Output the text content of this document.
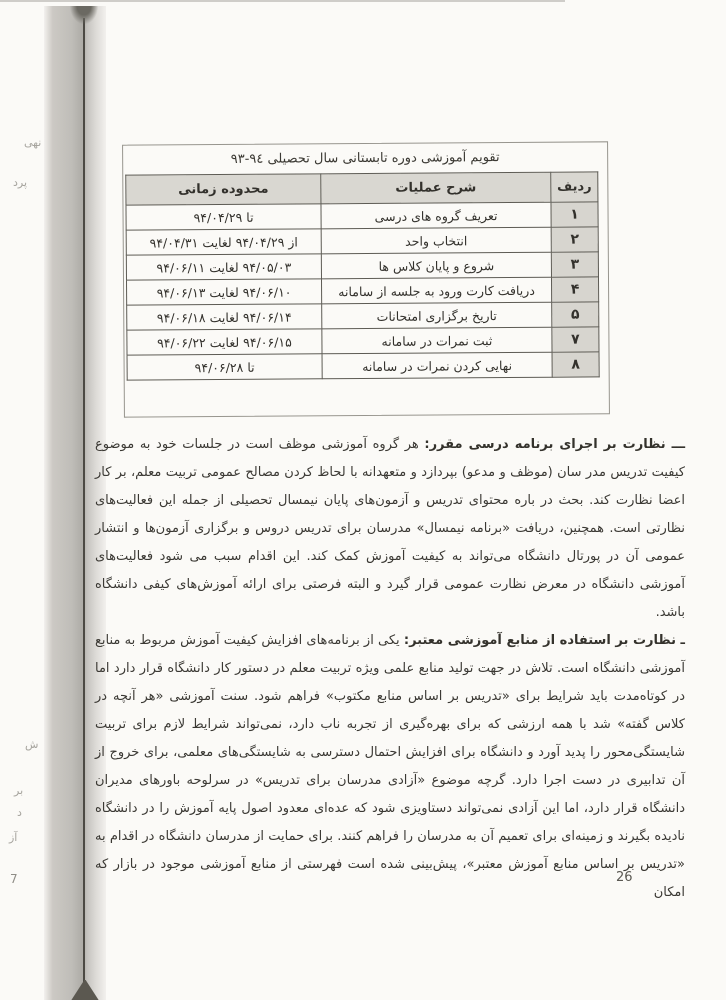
نهی
پرد
ش
بر
د
آز
7
تقویم آموزشی دوره تابستانی سال تحصیلی ٩٤-٩٣
ردیف	شرح عملیات	محدوده زمانی
۱	تعریف گروه های درسی	تا ۹۴/۰۴/۲۹
۲	انتخاب واحد	از ۹۴/۰۴/۲۹ لغایت ۹۴/۰۴/۳۱
۳	شروع و پایان کلاس ها	۹۴/۰۵/۰۳ لغایت ۹۴/۰۶/۱۱
۴	دریافت کارت ورود به جلسه از سامانه	۹۴/۰۶/۱۰ لغایت ۹۴/۰۶/۱۳
۵	تاریخ برگزاری امتحانات	۹۴/۰۶/۱۴ لغایت ۹۴/۰۶/۱۸
۷	ثبت نمرات در سامانه	۹۴/۰۶/۱۵ لغایت ۹۴/۰۶/۲۲
۸	نهایی کردن نمرات در سامانه	تا ۹۴/۰۶/۲۸

ـــ نظارت بر اجرای برنامه درسی مقرر: هر گروه آموزشی موظف است در جلسات خود به موضوع کیفیت تدریس مدر سان (موظف و مدعو) بپردازد و متعهدانه با لحاظ کردن مصالح عمومی تربیت معلم، بر کار اعضا نظارت کند. بحث در باره محتوای تدریس و آزمون‌های پایان نیمسال تحصیلی از جمله این فعالیت‌های نظارتی است. همچنین، دریافت «برنامه نیمسال» مدرسان برای تدریس دروس و برگزاری آزمون‌ها و انتشار عمومی آن در پورتال دانشگاه می‌تواند به کیفیت آموزش کمک کند. این اقدام سبب می شود فعالیت‌های آموزشی دانشگاه در معرض نظارت عمومی قرار گیرد و البته فرصتی برای ارائه آموزش‌های کیفی دانشگاه باشد.

ـ نظارت بر استفاده از منابع آموزشی معتبر: یکی از برنامه‌های افزایش کیفیت آموزش مربوط به منابع آموزشی دانشگاه است. تلاش در جهت تولید منابع علمی ویژه تربیت معلم در دستور کار دانشگاه قرار دارد اما در کوتاه‌مدت باید شرایط برای «تدریس بر اساس منابع مکتوب» فراهم شود. سنت آموزشی «هر آنچه در کلاس گفته» شد با همه ارزشی که برای بهره‌گیری از تجربه ناب دارد، نمی‌تواند شرایط لازم برای تربیت شایستگی‌محور را پدید آورد و دانشگاه برای افزایش احتمال دسترسی به شایستگی‌های معلمی، برای خروج از آن تدابیری در دست اجرا دارد. گرچه موضوع «آزادی مدرسان برای تدریس» در سرلوحه باورهای مدیران دانشگاه قرار دارد، اما این آزادی نمی‌تواند دستاویزی شود که عده‌ای معدود اصول پایه آموزش را در دانشگاه نادیده بگیرند و زمینه‌ای برای تعمیم آن به مدرسان را فراهم کنند. برای حمایت از مدرسان دانشگاه در اقدام به «تدریس بر اساس منابع آموزش معتبر»، پیش‌بینی شده است فهرستی از منابع آموزشی موجود در بازار که امکان

26
